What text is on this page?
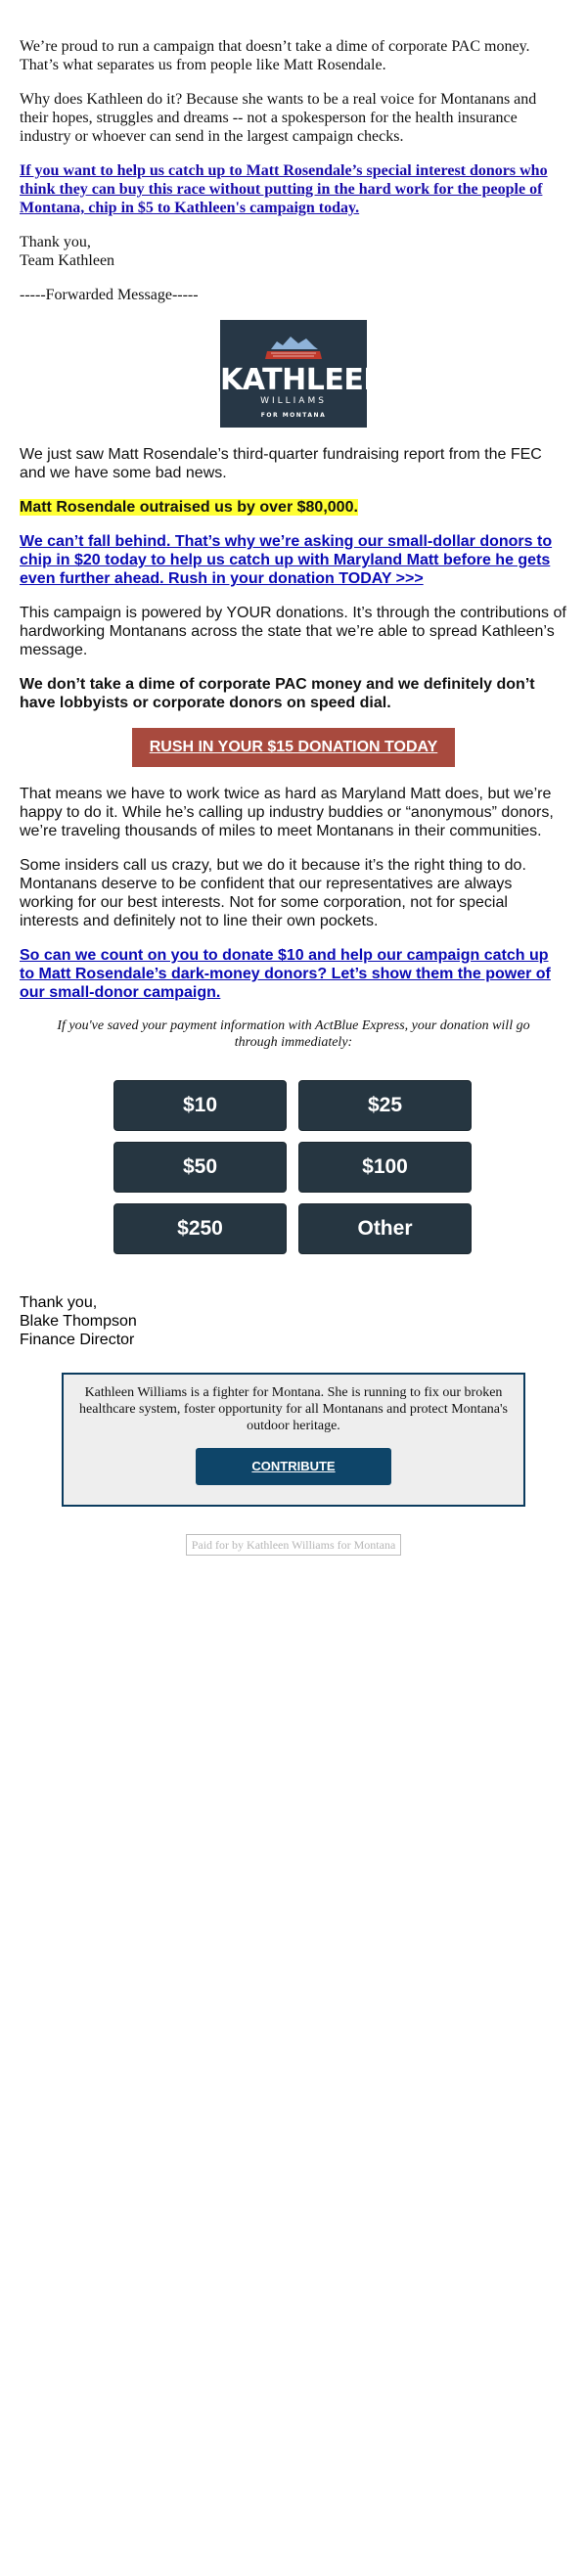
We’re proud to run a campaign that doesn’t take a dime of corporate PAC money. That’s what separates us from people like Matt Rosendale.

Why does Kathleen do it? Because she wants to be a real voice for Montanans and their hopes, struggles and dreams -- not a spokesperson for the health insurance industry or whoever can send in the largest campaign checks.

If you want to help us catch up to Matt Rosendale’s special interest donors who think they can buy this race without putting in the hard work for the people of Montana, chip in $5 to Kathleen's campaign today.

Thank you,
Team Kathleen

-----Forwarded Message-----

KATHLEEN
WILLIAMS
FOR MONTANA

We just saw Matt Rosendale’s third-quarter fundraising report from the FEC and we have some bad news.

Matt Rosendale outraised us by over $80,000.

We can’t fall behind. That’s why we’re asking our small-dollar donors to chip in $20 today to help us catch up with Maryland Matt before he gets even further ahead. Rush in your donation TODAY >>>

This campaign is powered by YOUR donations. It’s through the contributions of hardworking Montanans across the state that we’re able to spread Kathleen’s message.

We don’t take a dime of corporate PAC money and we definitely don’t have lobbyists or corporate donors on speed dial.

RUSH IN YOUR $15 DONATION TODAY

That means we have to work twice as hard as Maryland Matt does, but we’re happy to do it. While he’s calling up industry buddies or “anonymous” donors, we’re traveling thousands of miles to meet Montanans in their communities.

Some insiders call us crazy, but we do it because it’s the right thing to do. Montanans deserve to be confident that our representatives are always working for our best interests. Not for some corporation, not for special interests and definitely not to line their own pockets.

So can we count on you to donate $10 and help our campaign catch up to Matt Rosendale’s dark-money donors? Let’s show them the power of our small-donor campaign.

If you've saved your payment information with ActBlue Express, your donation will go through immediately:
$10	$25
$50	$100
$250	Other
Thank you,
Blake Thompson
Finance Director
Kathleen Williams is a fighter for Montana. She is running to fix our broken healthcare system, foster opportunity for all Montanans and protect Montana's outdoor heritage.
CONTRIBUTE
Paid for by Kathleen Williams for Montana
